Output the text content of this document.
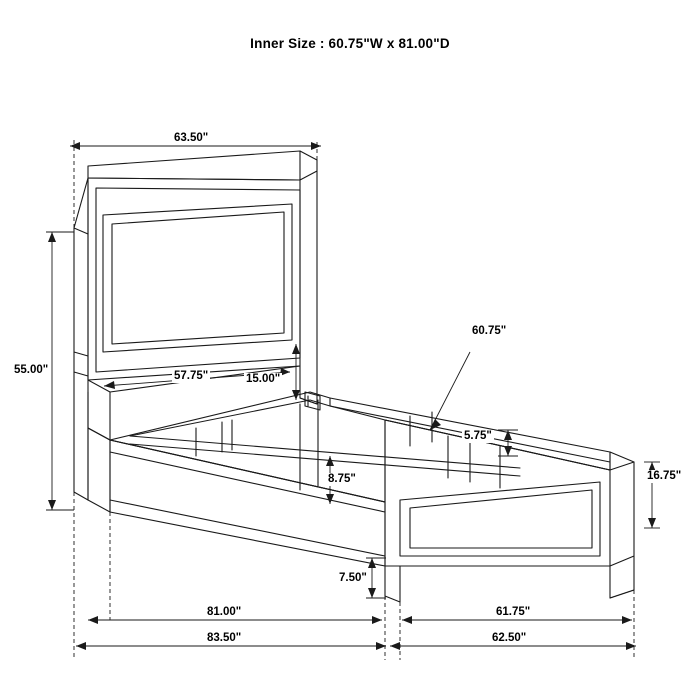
Inner Size : 60.75"W x 81.00"D
63.50"
55.00"	57.75"	15.00"
60.75"
5.75"
8.75"	16.75"
7.50"
81.00"	61.75"
83.50"	62.50"
